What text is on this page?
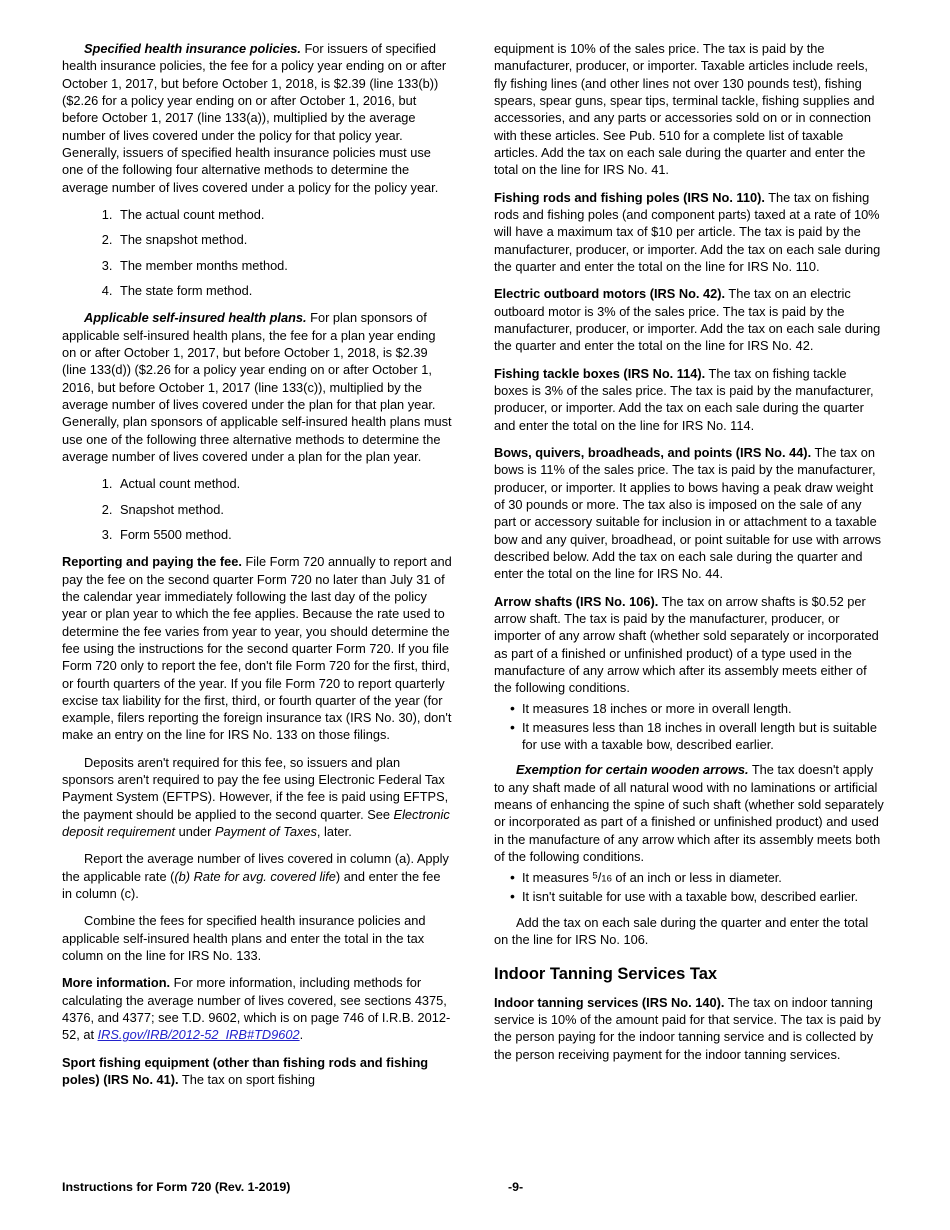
Specified health insurance policies. For issuers of specified health insurance policies, the fee for a policy year ending on or after October 1, 2017, but before October 1, 2018, is $2.39 (line 133(b)) ($2.26 for a policy year ending on or after October 1, 2016, but before October 1, 2017 (line 133(a)), multiplied by the average number of lives covered under the policy for that policy year. Generally, issuers of specified health insurance policies must use one of the following four alternative methods to determine the average number of lives covered under a policy for the policy year.

1. The actual count method.
2. The snapshot method.
3. The member months method.
4. The state form method.

Applicable self-insured health plans. For plan sponsors of applicable self-insured health plans, the fee for a plan year ending on or after October 1, 2017, but before October 1, 2018, is $2.39 (line 133(d)) ($2.26 for a policy year ending on or after October 1, 2016, but before October 1, 2017 (line 133(c)), multiplied by the average number of lives covered under the plan for that plan year. Generally, plan sponsors of applicable self-insured health plans must use one of the following three alternative methods to determine the average number of lives covered under a plan for the plan year.

1. Actual count method.
2. Snapshot method.
3. Form 5500 method.

Reporting and paying the fee. File Form 720 annually to report and pay the fee on the second quarter Form 720 no later than July 31 of the calendar year immediately following the last day of the policy year or plan year to which the fee applies. Because the rate used to determine the fee varies from year to year, you should determine the fee using the instructions for the second quarter Form 720. If you file Form 720 only to report the fee, don't file Form 720 for the first, third, or fourth quarters of the year. If you file Form 720 to report quarterly excise tax liability for the first, third, or fourth quarter of the year (for example, filers reporting the foreign insurance tax (IRS No. 30), don't make an entry on the line for IRS No. 133 on those filings.

Deposits aren't required for this fee, so issuers and plan sponsors aren't required to pay the fee using Electronic Federal Tax Payment System (EFTPS). However, if the fee is paid using EFTPS, the payment should be applied to the second quarter. See Electronic deposit requirement under Payment of Taxes, later.

Report the average number of lives covered in column (a). Apply the applicable rate ((b) Rate for avg. covered life) and enter the fee in column (c).

Combine the fees for specified health insurance policies and applicable self-insured health plans and enter the total in the tax column on the line for IRS No. 133.

More information. For more information, including methods for calculating the average number of lives covered, see sections 4375, 4376, and 4377; see T.D. 9602, which is on page 746 of I.R.B. 2012-52, at IRS.gov/IRB/2012-52_IRB#TD9602.

Sport fishing equipment (other than fishing rods and fishing poles) (IRS No. 41). The tax on sport fishing

equipment is 10% of the sales price. The tax is paid by the manufacturer, producer, or importer. Taxable articles include reels, fly fishing lines (and other lines not over 130 pounds test), fishing spears, spear guns, spear tips, terminal tackle, fishing supplies and accessories, and any parts or accessories sold on or in connection with these articles. See Pub. 510 for a complete list of taxable articles. Add the tax on each sale during the quarter and enter the total on the line for IRS No. 41.

Fishing rods and fishing poles (IRS No. 110). The tax on fishing rods and fishing poles (and component parts) taxed at a rate of 10% will have a maximum tax of $10 per article. The tax is paid by the manufacturer, producer, or importer. Add the tax on each sale during the quarter and enter the total on the line for IRS No. 110.

Electric outboard motors (IRS No. 42). The tax on an electric outboard motor is 3% of the sales price. The tax is paid by the manufacturer, producer, or importer. Add the tax on each sale during the quarter and enter the total on the line for IRS No. 42.

Fishing tackle boxes (IRS No. 114). The tax on fishing tackle boxes is 3% of the sales price. The tax is paid by the manufacturer, producer, or importer. Add the tax on each sale during the quarter and enter the total on the line for IRS No. 114.

Bows, quivers, broadheads, and points (IRS No. 44). The tax on bows is 11% of the sales price. The tax is paid by the manufacturer, producer, or importer. It applies to bows having a peak draw weight of 30 pounds or more. The tax also is imposed on the sale of any part or accessory suitable for inclusion in or attachment to a taxable bow and any quiver, broadhead, or point suitable for use with arrows described below. Add the tax on each sale during the quarter and enter the total on the line for IRS No. 44.

Arrow shafts (IRS No. 106). The tax on arrow shafts is $0.52 per arrow shaft. The tax is paid by the manufacturer, producer, or importer of any arrow shaft (whether sold separately or incorporated as part of a finished or unfinished product) of a type used in the manufacture of any arrow which after its assembly meets either of the following conditions.

• It measures 18 inches or more in overall length.
• It measures less than 18 inches in overall length but is suitable for use with a taxable bow, described earlier.

Exemption for certain wooden arrows. The tax doesn't apply to any shaft made of all natural wood with no laminations or artificial means of enhancing the spine of such shaft (whether sold separately or incorporated as part of a finished or unfinished product) and used in the manufacture of any arrow which after its assembly meets both of the following conditions.

• It measures $^5/_{16}$ of an inch or less in diameter.
• It isn't suitable for use with a taxable bow, described earlier.

Add the tax on each sale during the quarter and enter the total on the line for IRS No. 106.

Indoor Tanning Services Tax

Indoor tanning services (IRS No. 140). The tax on indoor tanning service is 10% of the amount paid for that service. The tax is paid by the person paying for the indoor tanning service and is collected by the person receiving payment for the indoor tanning services.

Instructions for Form 720 (Rev. 1-2019)	-9-
